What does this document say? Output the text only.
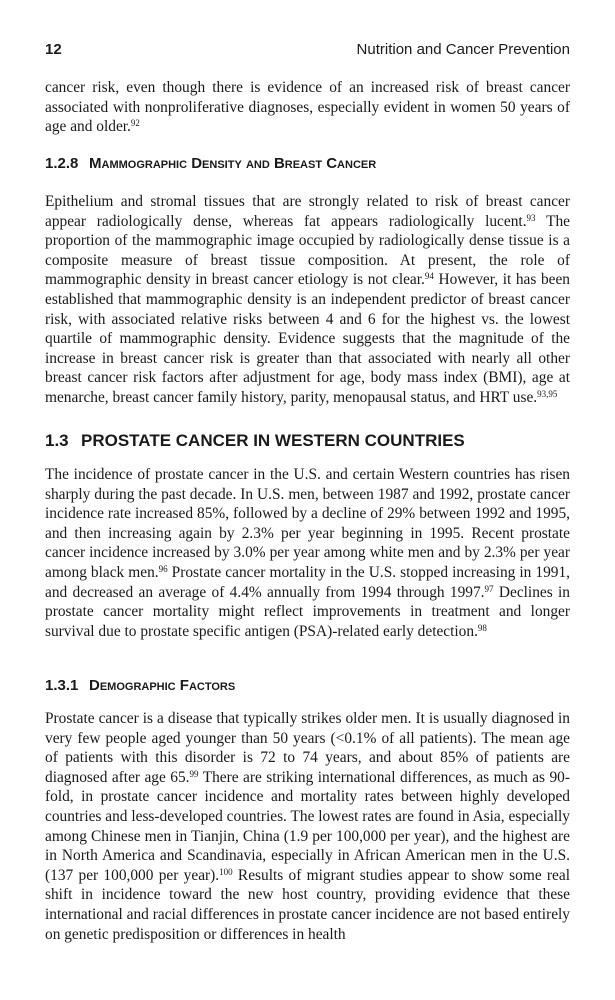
12	Nutrition and Cancer Prevention

cancer risk, even though there is evidence of an increased risk of breast cancer associated with nonproliferative diagnoses, especially evident in women 50 years of age and older.$^{92}$

1.2.8 Mammographic Density and Breast Cancer

Epithelium and stromal tissues that are strongly related to risk of breast cancer appear radiologically dense, whereas fat appears radiologically lucent.$^{93}$ The proportion of the mammographic image occupied by radiologically dense tissue is a composite measure of breast tissue composition. At present, the role of mammographic density in breast cancer etiology is not clear.$^{94}$ However, it has been established that mammographic density is an independent predictor of breast cancer risk, with associated relative risks between 4 and 6 for the highest vs. the lowest quartile of mammographic density. Evidence suggests that the magnitude of the increase in breast cancer risk is greater than that associated with nearly all other breast cancer risk factors after adjustment for age, body mass index (BMI), age at menarche, breast cancer family history, parity, menopausal status, and HRT use.$^{93,95}$

1.3 PROSTATE CANCER IN WESTERN COUNTRIES

The incidence of prostate cancer in the U.S. and certain Western countries has risen sharply during the past decade. In U.S. men, between 1987 and 1992, prostate cancer incidence rate increased 85%, followed by a decline of 29% between 1992 and 1995, and then increasing again by 2.3% per year beginning in 1995. Recent prostate cancer incidence increased by 3.0% per year among white men and by 2.3% per year among black men.$^{96}$ Prostate cancer mortality in the U.S. stopped increasing in 1991, and decreased an average of 4.4% annually from 1994 through 1997.97 Declines in prostate cancer mortality might reflect improvements in treatment and longer survival due to prostate specific antigen (PSA)-related early detection.$^{98}$

1.3.1 Demographic Factors

Prostate cancer is a disease that typically strikes older men. It is usually diagnosed in very few people aged younger than 50 years (<0.1% of all patients). The mean age of patients with this disorder is 72 to 74 years, and about 85% of patients are diagnosed after age 65.99 There are striking international differences, as much as 90-fold, in prostate cancer incidence and mortality rates between highly developed countries and less-developed countries. The lowest rates are found in Asia, especially among Chinese men in Tianjin, China (1.9 per 100,000 per year), and the highest are in North America and Scandinavia, especially in African American men in the U.S. (137 per 100,000 per year).$^{100}$ Results of migrant studies appear to show some real shift in incidence toward the new host country, providing evidence that these international and racial differences in prostate cancer incidence are not based entirely on genetic predisposition or differences in health
